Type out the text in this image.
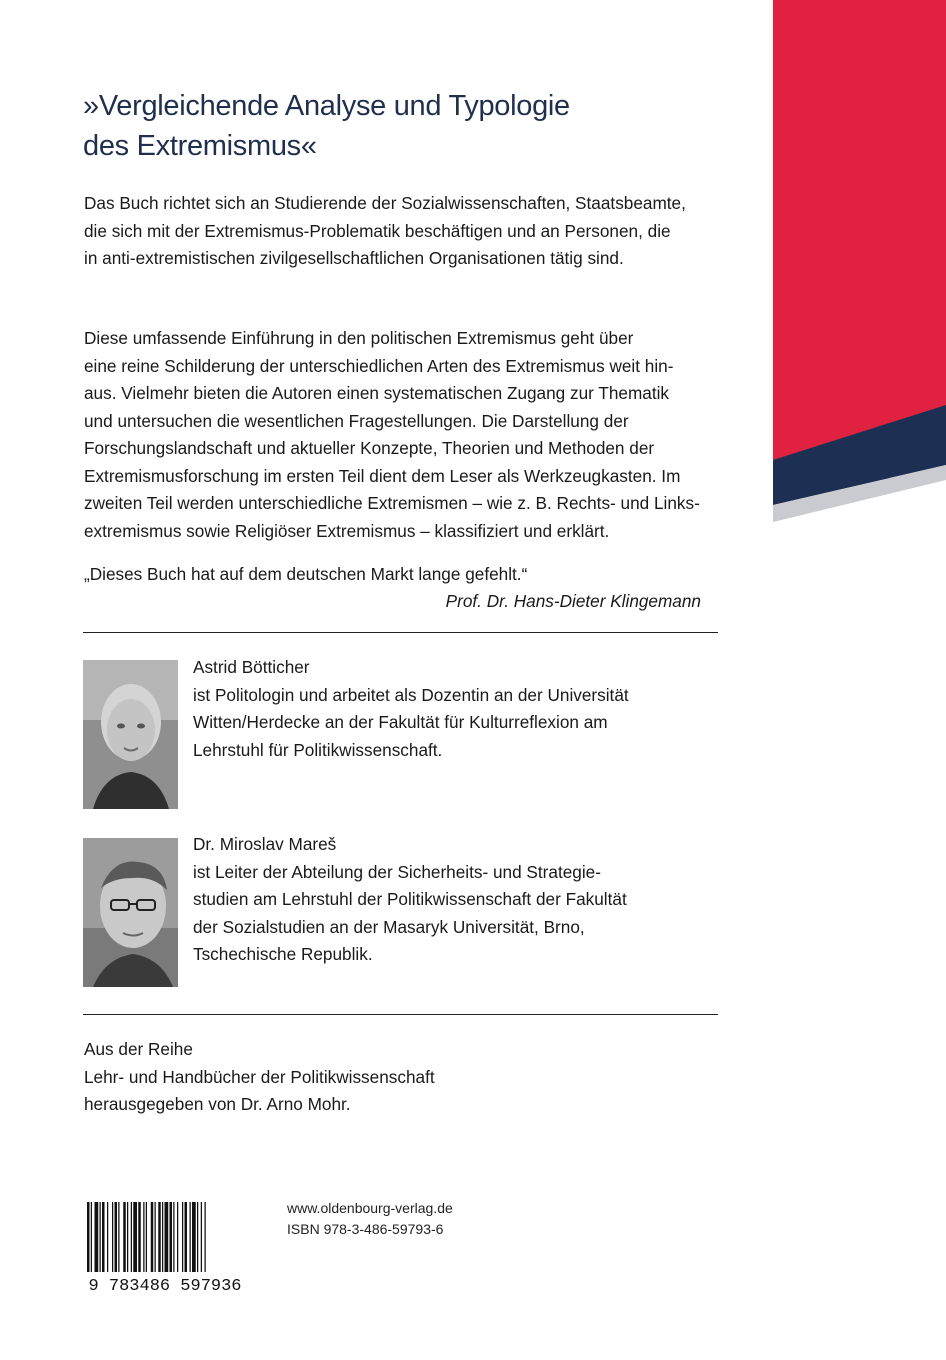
»Vergleichende Analyse und Typologie
des Extremismus«

Das Buch richtet sich an Studierende der Sozialwissenschaften, Staatsbeamte,

die sich mit der Extremismus-Problematik beschäftigen und an Personen, die

in anti-extremistischen zivilgesellschaftlichen Organisationen tätig sind.

Diese umfassende Einführung in den politischen Extremismus geht über

eine reine Schilderung der unterschiedlichen Arten des Extremismus weit hin-

aus. Vielmehr bieten die Autoren einen systematischen Zugang zur Thematik

und untersuchen die wesentlichen Fragestellungen. Die Darstellung der

Forschungslandschaft und aktueller Konzepte, Theorien und Methoden der

Extremismusforschung im ersten Teil dient dem Leser als Werkzeugkasten. Im

zweiten Teil werden unterschiedliche Extremismen – wie z. B. Rechts- und Links-

extremismus sowie Religiöser Extremismus – klassifiziert und erklärt.

„Dieses Buch hat auf dem deutschen Markt lange gefehlt.“
Prof. Dr. Hans-Dieter Klingemann
Astrid Bötticher
ist Politologin und arbeitet als Dozentin an der Universität
Witten/Herdecke an der Fakultät für Kulturreflexion am
Lehrstuhl für Politikwissenschaft.
Dr. Miroslav Mareš
ist Leiter der Abteilung der Sicherheits- und Strategie-
studien am Lehrstuhl der Politikwissenschaft der Fakultät
der Sozialstudien an der Masaryk Universität, Brno,
Tschechische Republik.
Aus der Reihe
Lehr- und Handbücher der Politikwissenschaft
herausgegeben von Dr. Arno Mohr.
9 783486 597936
www.oldenbourg-verlag.de
ISBN 978-3-486-59793-6
